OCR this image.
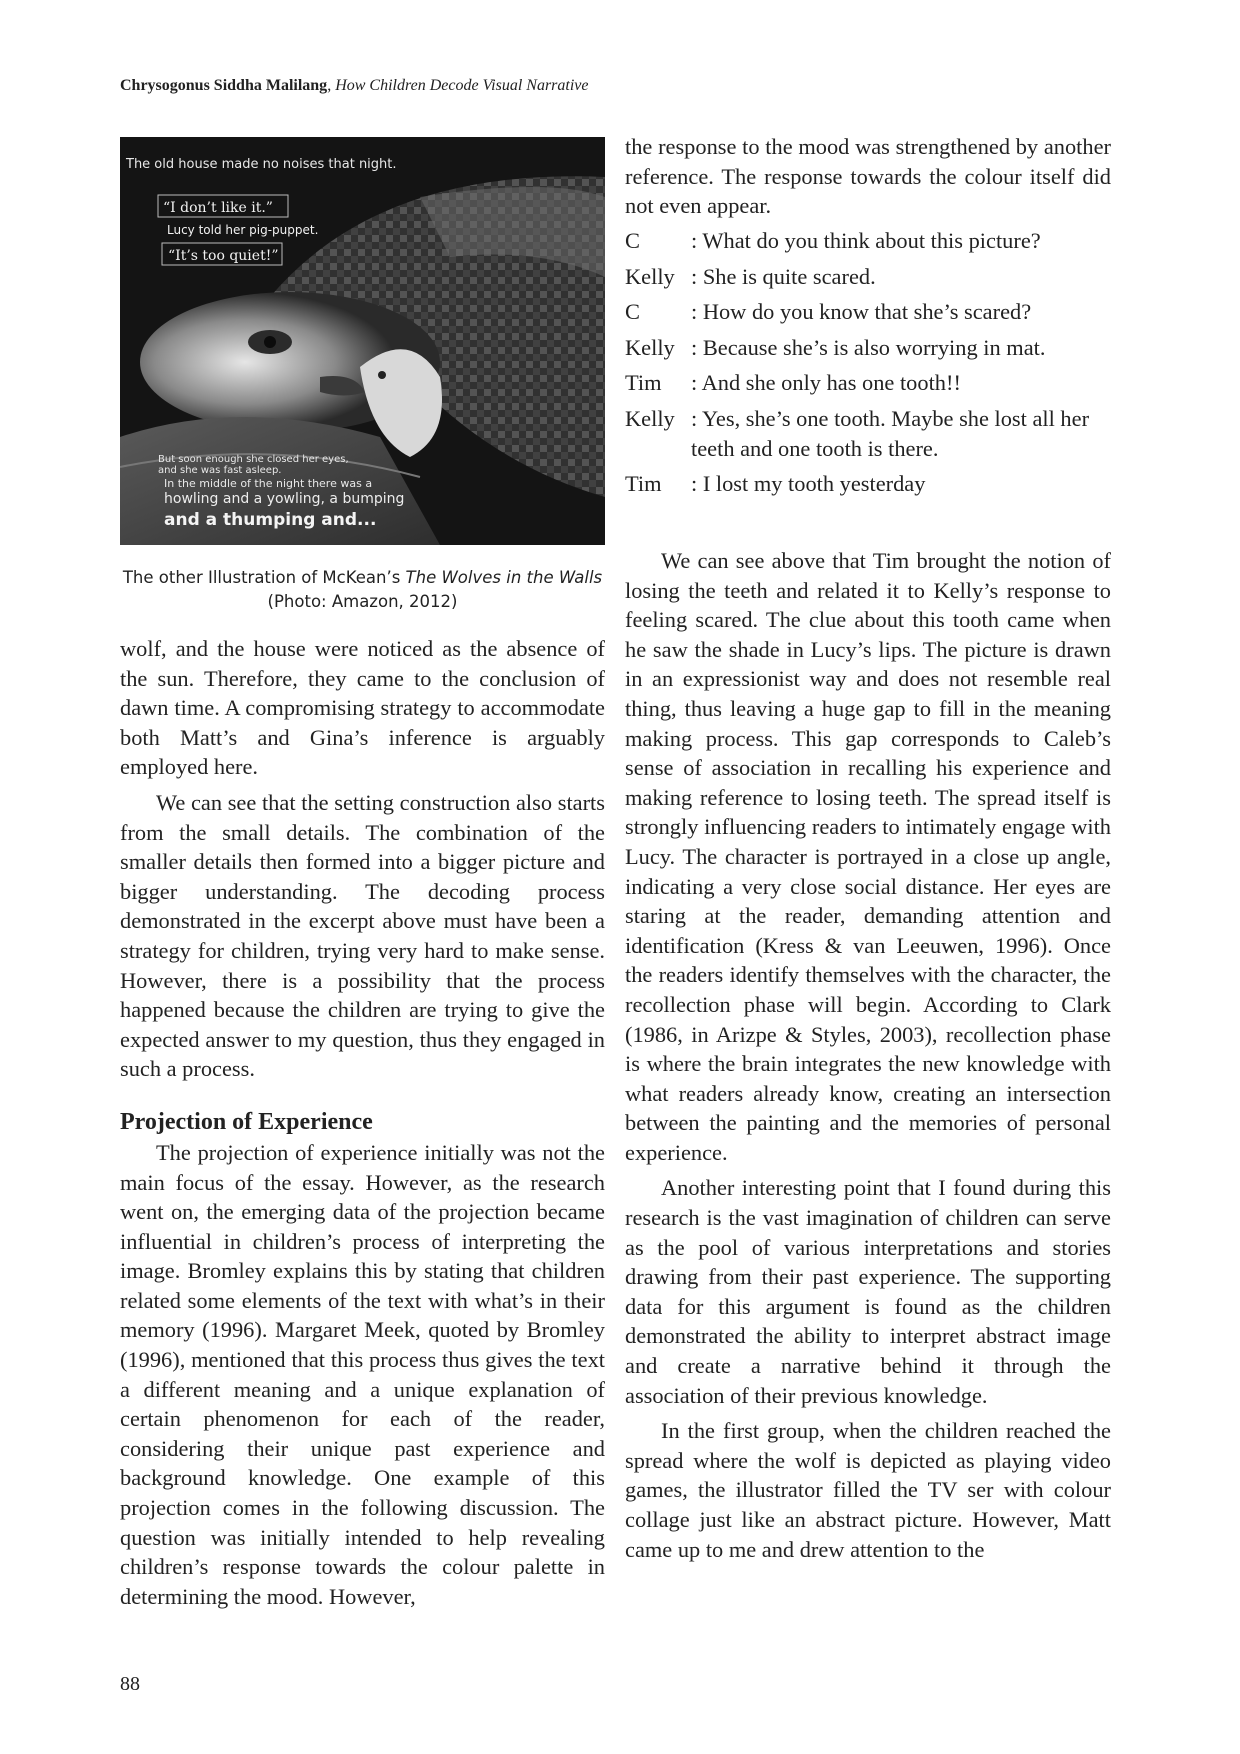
Chrysogonus Siddha Malilang, How Children Decode Visual Narrative
The old house made no noises that night.
“I don’t like it.”
Lucy told her pig-puppet.
“It’s too quiet!”
But soon enough she closed her eyes,
and she was fast asleep.
In the middle of the night there was a
howling and a yowling, a bumping
and a thumping and...
The other Illustration of McKean’s The Wolves in the Walls (Photo: Amazon, 2012)

wolf, and the house were noticed as the absence of the sun. Therefore, they came to the conclusion of dawn time. A compromising strategy to accommodate both Matt’s and Gina’s inference is arguably employed here.

We can see that the setting construction also starts from the small details. The combination of the smaller details then formed into a bigger picture and bigger understanding. The decoding process demonstrated in the excerpt above must have been a strategy for children, trying very hard to make sense. However, there is a possibility that the process happened because the children are trying to give the expected answer to my question, thus they engaged in such a process.

Projection of Experience

The projection of experience initially was not the main focus of the essay. However, as the research went on, the emerging data of the projection became influential in children’s process of interpreting the image. Bromley explains this by stating that children related some elements of the text with what’s in their memory (1996). Margaret Meek, quoted by Bromley (1996), mentioned that this process thus gives the text a different meaning and a unique explanation of certain phenomenon for each of the reader, considering their unique past experience and background knowledge. One example of this projection comes in the following discussion. The question was initially intended to help revealing children’s response towards the colour palette in determining the mood. However,

the response to the mood was strengthened by another reference. The response towards the colour itself did not even appear.

C	: What do you think about this picture?
Kelly : She is quite scared.
C	: How do you know that she’s scared?
Kelly : Because she’s is also worrying in mat.
Tim	: And she only has one tooth!!
Kelly : Yes, she’s one tooth. Maybe she lost all her teeth and one tooth is there.
Tim	: I lost my tooth yesterday

We can see above that Tim brought the notion of losing the teeth and related it to Kelly’s response to feeling scared. The clue about this tooth came when he saw the shade in Lucy’s lips. The picture is drawn in an expressionist way and does not resemble real thing, thus leaving a huge gap to fill in the meaning making process. This gap corresponds to Caleb’s sense of association in recalling his experience and making reference to losing teeth. The spread itself is strongly influencing readers to intimately engage with Lucy. The character is portrayed in a close up angle, indicating a very close social distance. Her eyes are staring at the reader, demanding attention and identification (Kress & van Leeuwen, 1996). Once the readers identify themselves with the character, the recollection phase will begin. According to Clark (1986, in Arizpe & Styles, 2003), recollection phase is where the brain integrates the new knowledge with what readers already know, creating an intersection between the painting and the memories of personal experience.

Another interesting point that I found during this research is the vast imagination of children can serve as the pool of various interpretations and stories drawing from their past experience. The supporting data for this argument is found as the children demonstrated the ability to interpret abstract image and create a narrative behind it through the association of their previous knowledge.

In the first group, when the children reached the spread where the wolf is depicted as playing video games, the illustrator filled the TV ser with colour collage just like an abstract picture. However, Matt came up to me and drew attention to the

88
